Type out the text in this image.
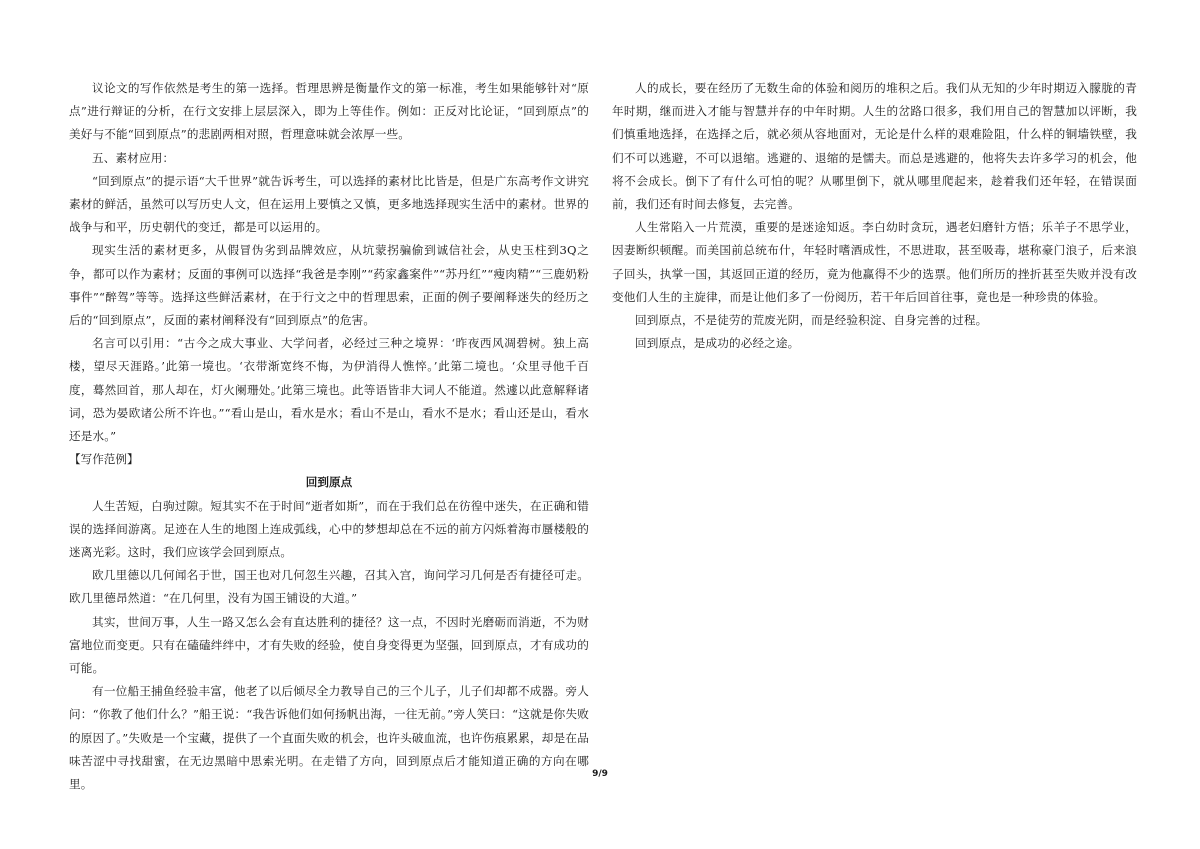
议论文的写作依然是考生的第一选择。哲理思辨是衡量作文的第一标准，考生如果能够针对“原点”进行辩证的分析，在行文安排上层层深入，即为上等佳作。例如：正反对比论证，“回到原点”的美好与不能“回到原点”的悲剧两相对照，哲理意味就会浓厚一些。

五、素材应用：

“回到原点”的提示语“大千世界”就告诉考生，可以选择的素材比比皆是，但是广东高考作文讲究素材的鲜活，虽然可以写历史人文，但在运用上要慎之又慎，更多地选择现实生活中的素材。世界的战争与和平，历史朝代的变迁，都是可以运用的。

现实生活的素材更多，从假冒伪劣到品牌效应，从坑蒙拐骗偷到诚信社会，从史玉柱到3Q之争，都可以作为素材；反面的事例可以选择“我爸是李刚”“药家鑫案件”“苏丹红”“瘦肉精”“三鹿奶粉事件”“醉驾”等等。选择这些鲜活素材，在于行文之中的哲理思索，正面的例子要阐释迷失的经历之后的“回到原点”，反面的素材阐释没有“回到原点”的危害。

名言可以引用：“古今之成大事业、大学问者，必经过三种之境界：‘昨夜西风凋碧树。独上高楼，望尽天涯路。’此第一境也。‘衣带渐宽终不悔，为伊消得人憔悴。’此第二境也。‘众里寻他千百度，蓦然回首，那人却在，灯火阑珊处。’此第三境也。此等语皆非大词人不能道。然遽以此意解释诸词，恐为晏欧诸公所不许也。”“看山是山，看水是水；看山不是山，看水不是水；看山还是山，看水还是水。”

【写作范例】

回到原点

人生苦短，白驹过隙。短其实不在于时间“逝者如斯”，而在于我们总在彷徨中迷失，在正确和错误的选择间游离。足迹在人生的地图上连成弧线，心中的梦想却总在不远的前方闪烁着海市蜃楼般的迷离光彩。这时，我们应该学会回到原点。

欧几里德以几何闻名于世，国王也对几何忽生兴趣，召其入宫，询问学习几何是否有捷径可走。欧几里德昂然道：“在几何里，没有为国王铺设的大道。”

其实，世间万事，人生一路又怎么会有直达胜利的捷径？这一点，不因时光磨砺而消逝，不为财富地位而变更。只有在磕磕绊绊中，才有失败的经验，使自身变得更为坚强，回到原点，才有成功的可能。

有一位船王捕鱼经验丰富，他老了以后倾尽全力教导自己的三个儿子，儿子们却都不成器。旁人问：“你教了他们什么？”船王说：“我告诉他们如何扬帆出海，一往无前。”旁人笑曰：“这就是你失败的原因了。”失败是一个宝藏，提供了一个直面失败的机会，也许头破血流，也许伤痕累累，却是在品味苦涩中寻找甜蜜，在无边黑暗中思索光明。在走错了方向，回到原点后才能知道正确的方向在哪里。

人的成长，要在经历了无数生命的体验和阅历的堆积之后。我们从无知的少年时期迈入朦胧的青年时期，继而进入才能与智慧并存的中年时期。人生的岔路口很多，我们用自己的智慧加以评断，我们慎重地选择，在选择之后，就必须从容地面对，无论是什么样的艰难险阻，什么样的铜墙铁壁，我们不可以逃避，不可以退缩。逃避的、退缩的是懦夫。而总是逃避的，他将失去许多学习的机会，他将不会成长。倒下了有什么可怕的呢？从哪里倒下，就从哪里爬起来，趁着我们还年轻，在错误面前，我们还有时间去修复，去完善。

人生常陷入一片荒漠，重要的是迷途知返。李白幼时贪玩，遇老妇磨针方悟；乐羊子不思学业，因妻断织顿醒。而美国前总统布什，年轻时嗜酒成性，不思进取，甚至吸毒，堪称豪门浪子，后来浪子回头，执掌一国，其返回正道的经历，竟为他赢得不少的选票。他们所历的挫折甚至失败并没有改变他们人生的主旋律，而是让他们多了一份阅历，若干年后回首往事，竟也是一种珍贵的体验。

回到原点，不是徒劳的荒废光阴，而是经验积淀、自身完善的过程。

回到原点，是成功的必经之途。

9/9
